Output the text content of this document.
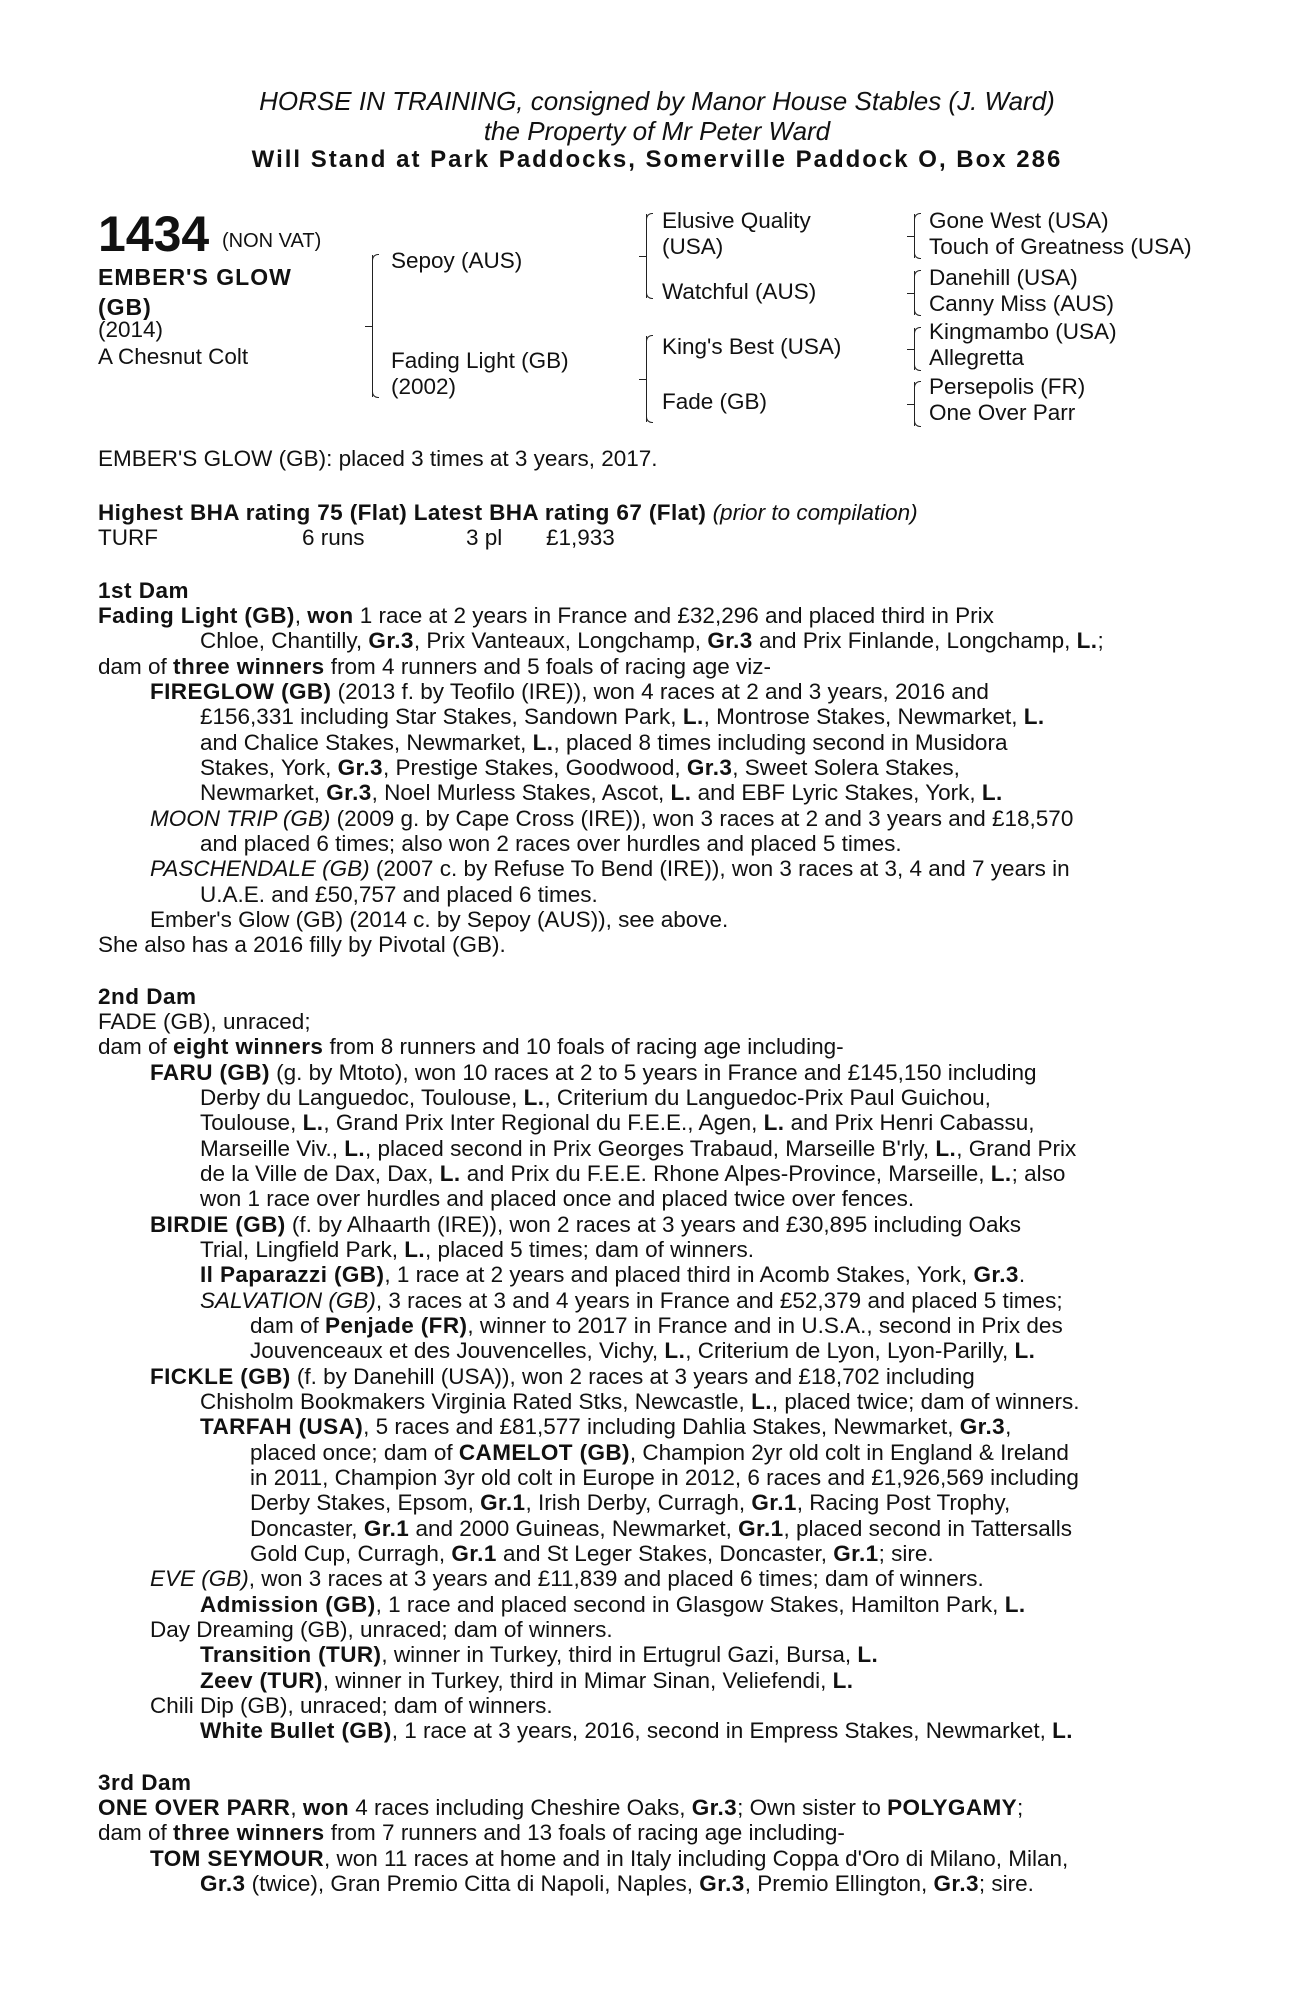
HORSE IN TRAINING, consigned by Manor House Stables (J. Ward)
the Property of Mr Peter Ward
Will Stand at Park Paddocks, Somerville Paddock O, Box 286
1434 (NON VAT)
EMBER'S GLOW
(GB)
(2014)
A Chesnut Colt
Sepoy (AUS)
Fading Light (GB)
(2002)
Elusive Quality
(USA)
Watchful (AUS)
King's Best (USA)
Fade (GB)
Gone West (USA)
Touch of Greatness (USA)
Danehill (USA)
Canny Miss (AUS)
Kingmambo (USA)
Allegretta
Persepolis (FR)
One Over Parr
EMBER'S GLOW (GB): placed 3 times at 3 years, 2017.
Highest BHA rating 75 (Flat) Latest BHA rating 67 (Flat) (prior to compilation)
TURF	6 runs	3 pl £1,933
1st Dam
Fading Light (GB), won 1 race at 2 years in France and £32,296 and placed third in Prix
Chloe, Chantilly, Gr.3, Prix Vanteaux, Longchamp, Gr.3 and Prix Finlande, Longchamp, L.;
dam of three winners from 4 runners and 5 foals of racing age viz-
FIREGLOW (GB) (2013 f. by Teofilo (IRE)), won 4 races at 2 and 3 years, 2016 and
£156,331 including Star Stakes, Sandown Park, L., Montrose Stakes, Newmarket, L.
and Chalice Stakes, Newmarket, L., placed 8 times including second in Musidora
Stakes, York, Gr.3, Prestige Stakes, Goodwood, Gr.3, Sweet Solera Stakes,
Newmarket, Gr.3, Noel Murless Stakes, Ascot, L. and EBF Lyric Stakes, York, L.
MOON TRIP (GB) (2009 g. by Cape Cross (IRE)), won 3 races at 2 and 3 years and £18,570
and placed 6 times; also won 2 races over hurdles and placed 5 times.
PASCHENDALE (GB) (2007 c. by Refuse To Bend (IRE)), won 3 races at 3, 4 and 7 years in
U.A.E. and £50,757 and placed 6 times.
Ember's Glow (GB) (2014 c. by Sepoy (AUS)), see above.
She also has a 2016 filly by Pivotal (GB).
2nd Dam
FADE (GB), unraced;
dam of eight winners from 8 runners and 10 foals of racing age including-
FARU (GB) (g. by Mtoto), won 10 races at 2 to 5 years in France and £145,150 including
Derby du Languedoc, Toulouse, L., Criterium du Languedoc-Prix Paul Guichou,
Toulouse, L., Grand Prix Inter Regional du F.E.E., Agen, L. and Prix Henri Cabassu,
Marseille Viv., L., placed second in Prix Georges Trabaud, Marseille B'rly, L., Grand Prix
de la Ville de Dax, Dax, L. and Prix du F.E.E. Rhone Alpes-Province, Marseille, L.; also
won 1 race over hurdles and placed once and placed twice over fences.
BIRDIE (GB) (f. by Alhaarth (IRE)), won 2 races at 3 years and £30,895 including Oaks
Trial, Lingfield Park, L., placed 5 times; dam of winners.
Il Paparazzi (GB), 1 race at 2 years and placed third in Acomb Stakes, York, Gr.3.
SALVATION (GB), 3 races at 3 and 4 years in France and £52,379 and placed 5 times;
dam of Penjade (FR), winner to 2017 in France and in U.S.A., second in Prix des
Jouvenceaux et des Jouvencelles, Vichy, L., Criterium de Lyon, Lyon-Parilly, L.
FICKLE (GB) (f. by Danehill (USA)), won 2 races at 3 years and £18,702 including
Chisholm Bookmakers Virginia Rated Stks, Newcastle, L., placed twice; dam of winners.
TARFAH (USA), 5 races and £81,577 including Dahlia Stakes, Newmarket, Gr.3,
placed once; dam of CAMELOT (GB), Champion 2yr old colt in England & Ireland
in 2011, Champion 3yr old colt in Europe in 2012, 6 races and £1,926,569 including
Derby Stakes, Epsom, Gr.1, Irish Derby, Curragh, Gr.1, Racing Post Trophy,
Doncaster, Gr.1 and 2000 Guineas, Newmarket, Gr.1, placed second in Tattersalls
Gold Cup, Curragh, Gr.1 and St Leger Stakes, Doncaster, Gr.1; sire.
EVE (GB), won 3 races at 3 years and £11,839 and placed 6 times; dam of winners.
Admission (GB), 1 race and placed second in Glasgow Stakes, Hamilton Park, L.
Day Dreaming (GB), unraced; dam of winners.
Transition (TUR), winner in Turkey, third in Ertugrul Gazi, Bursa, L.
Zeev (TUR), winner in Turkey, third in Mimar Sinan, Veliefendi, L.
Chili Dip (GB), unraced; dam of winners.
White Bullet (GB), 1 race at 3 years, 2016, second in Empress Stakes, Newmarket, L.
3rd Dam
ONE OVER PARR, won 4 races including Cheshire Oaks, Gr.3; Own sister to POLYGAMY;
dam of three winners from 7 runners and 13 foals of racing age including-
TOM SEYMOUR, won 11 races at home and in Italy including Coppa d'Oro di Milano, Milan,
Gr.3 (twice), Gran Premio Citta di Napoli, Naples, Gr.3, Premio Ellington, Gr.3; sire.
